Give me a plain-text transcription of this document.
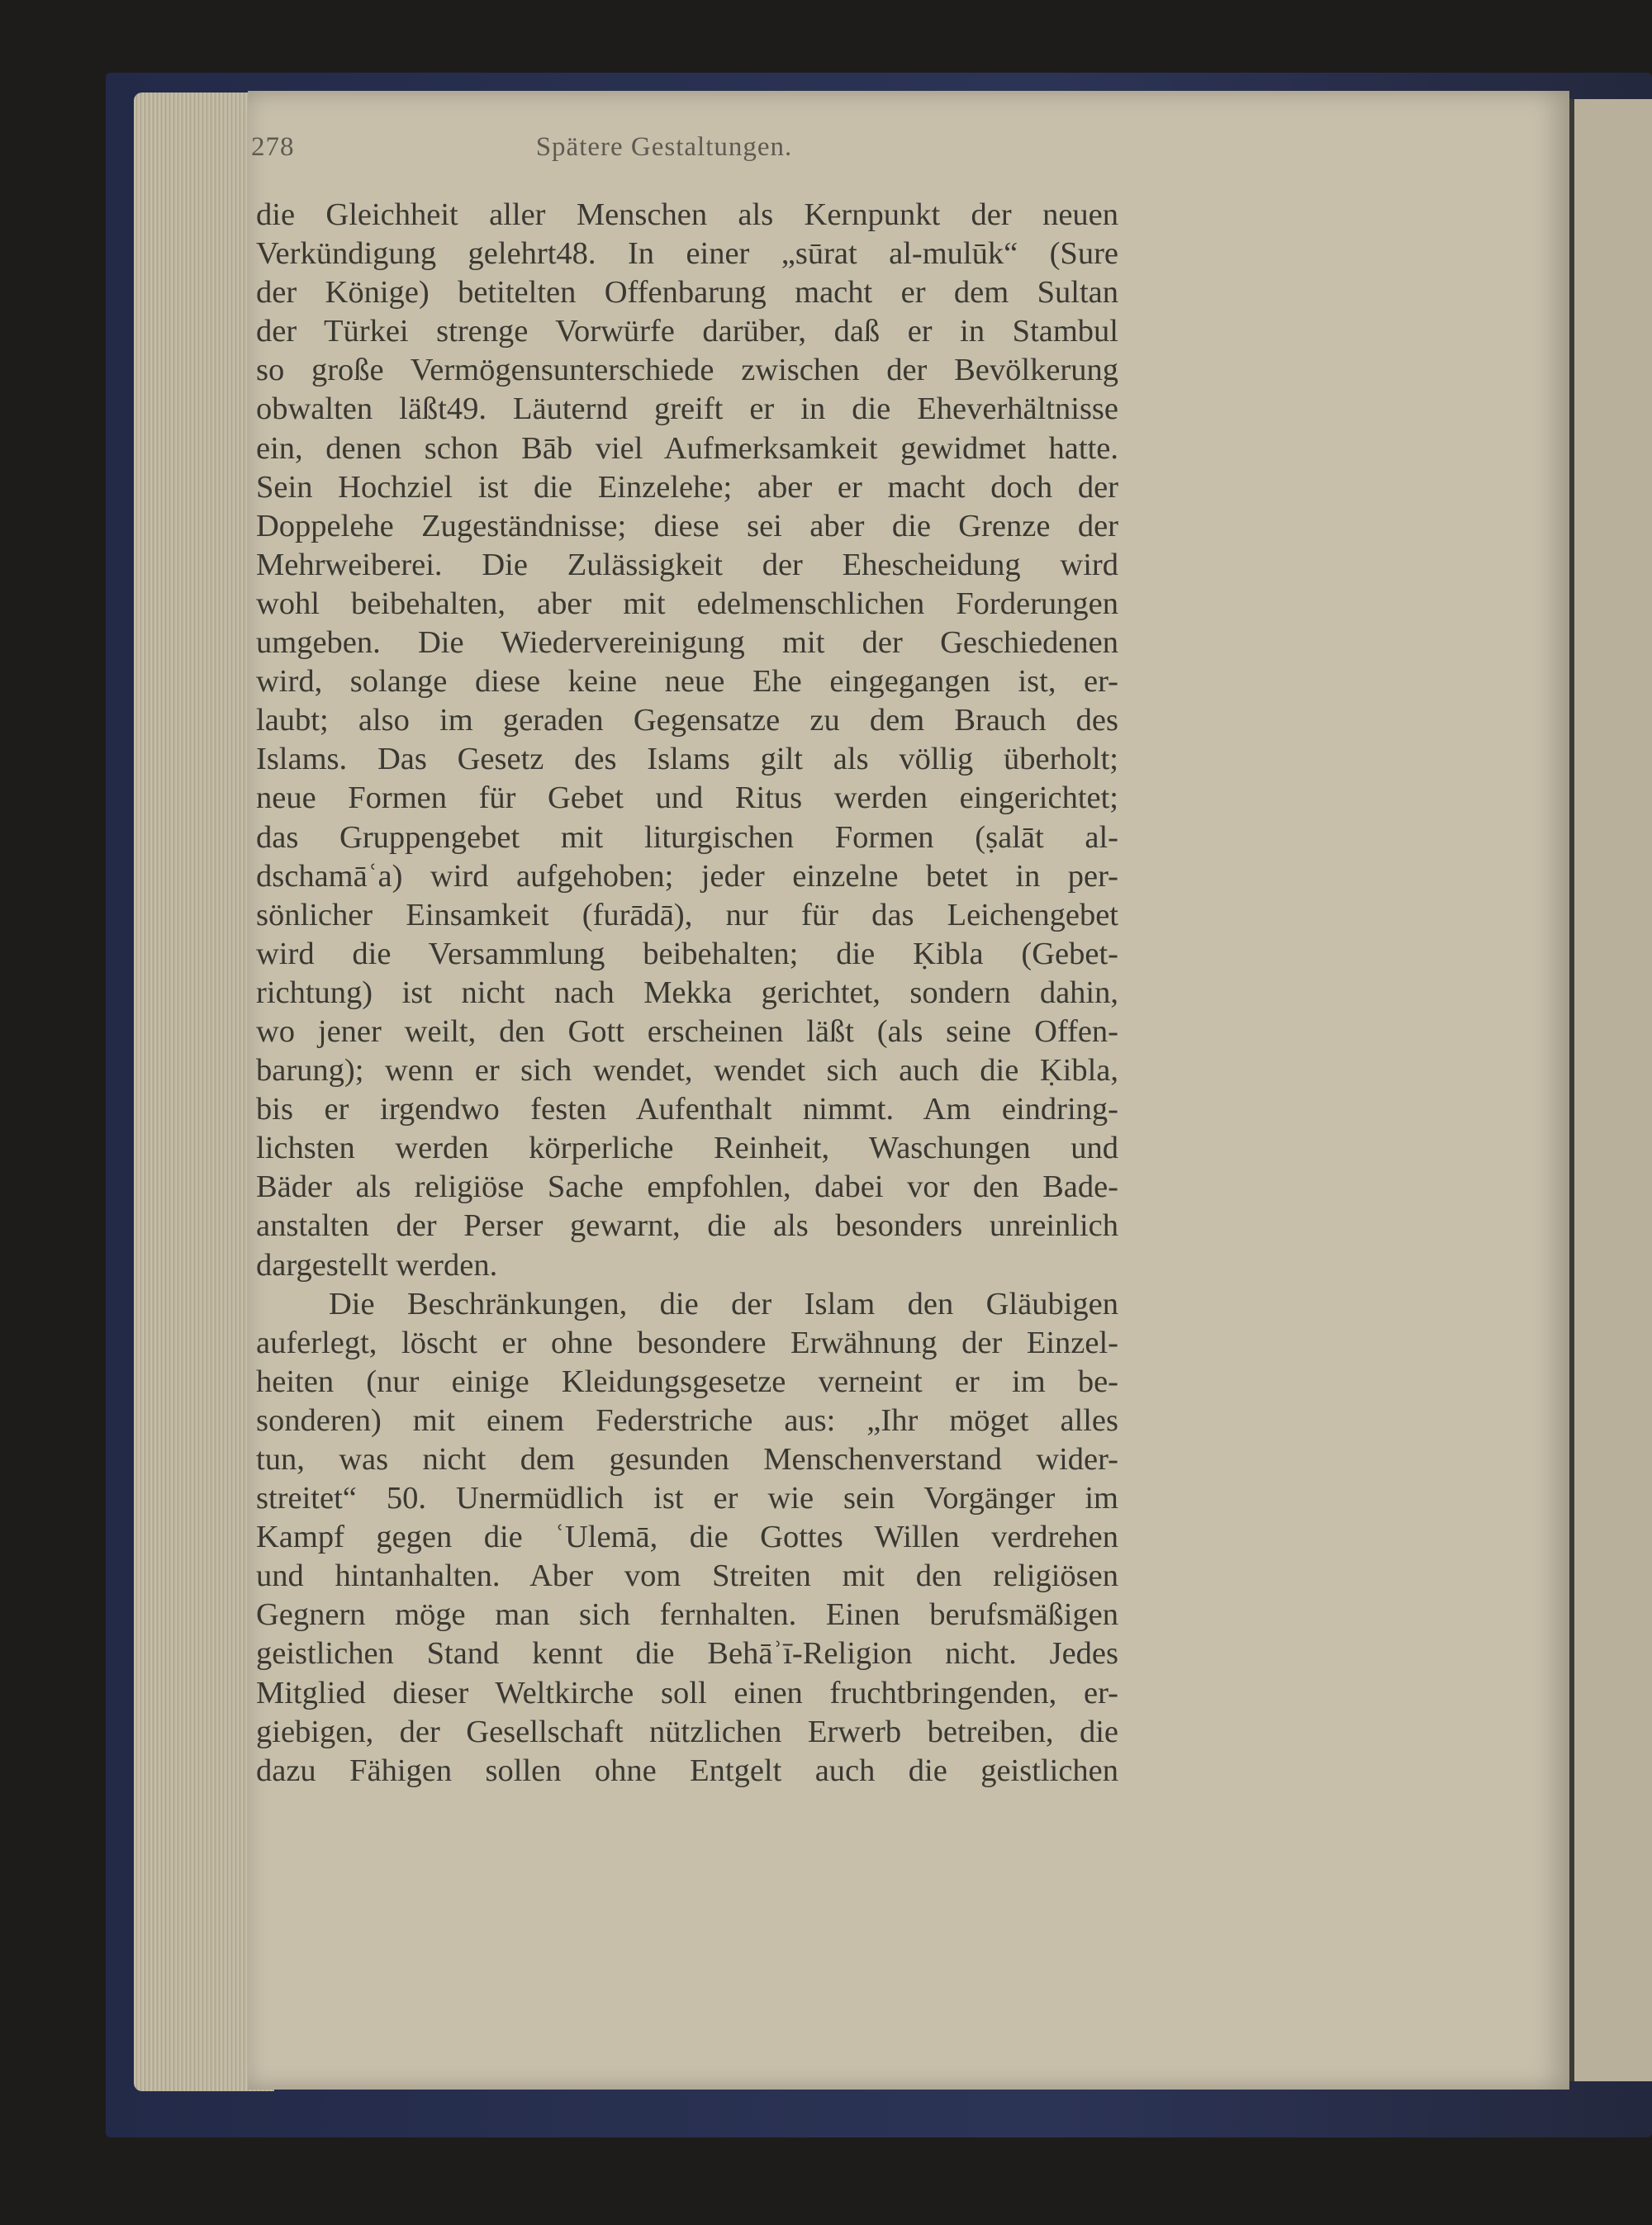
278	Spätere Gestaltungen.
die Gleichheit aller Menschen als Kernpunkt der neuen
Verkündigung gelehrt48. In einer „sūrat al-mulūk“ (Sure
der Könige) betitelten Offenbarung macht er dem Sultan
der Türkei strenge Vorwürfe darüber, daß er in Stambul
so große Vermögensunterschiede zwischen der Bevölkerung
obwalten läßt49. Läuternd greift er in die Eheverhältnisse
ein, denen schon Bāb viel Aufmerksamkeit gewidmet hatte.
Sein Hochziel ist die Einzelehe; aber er macht doch der
Doppelehe Zugeständnisse; diese sei aber die Grenze der
Mehrweiberei. Die Zulässigkeit der Ehescheidung wird
wohl beibehalten, aber mit edelmenschlichen Forderungen
umgeben. Die Wiedervereinigung mit der Geschiedenen
wird, solange diese keine neue Ehe eingegangen ist, er-
laubt; also im geraden Gegensatze zu dem Brauch des
Islams. Das Gesetz des Islams gilt als völlig überholt;
neue Formen für Gebet und Ritus werden eingerichtet;
das Gruppengebet mit liturgischen Formen (ṣalāt al-
dschamāʿa) wird aufgehoben; jeder einzelne betet in per-
sönlicher Einsamkeit (furādā), nur für das Leichengebet
wird die Versammlung beibehalten; die Ḳibla (Gebet-
richtung) ist nicht nach Mekka gerichtet, sondern dahin,
wo jener weilt, den Gott erscheinen läßt (als seine Offen-
barung); wenn er sich wendet, wendet sich auch die Ḳibla,
bis er irgendwo festen Aufenthalt nimmt. Am eindring-
lichsten werden körperliche Reinheit, Waschungen und
Bäder als religiöse Sache empfohlen, dabei vor den Bade-
anstalten der Perser gewarnt, die als besonders unreinlich
dargestellt werden.
Die Beschränkungen, die der Islam den Gläubigen
auferlegt, löscht er ohne besondere Erwähnung der Einzel-
heiten (nur einige Kleidungsgesetze verneint er im be-
sonderen) mit einem Federstriche aus: „Ihr möget alles
tun, was nicht dem gesunden Menschenverstand wider-
streitet“ 50. Unermüdlich ist er wie sein Vorgänger im
Kampf gegen die ʿUlemā, die Gottes Willen verdrehen
und hintanhalten. Aber vom Streiten mit den religiösen
Gegnern möge man sich fernhalten. Einen berufsmäßigen
geistlichen Stand kennt die Behāʾī-Religion nicht. Jedes
Mitglied dieser Weltkirche soll einen fruchtbringenden, er-
giebigen, der Gesellschaft nützlichen Erwerb betreiben, die
dazu Fähigen sollen ohne Entgelt auch die geistlichen
